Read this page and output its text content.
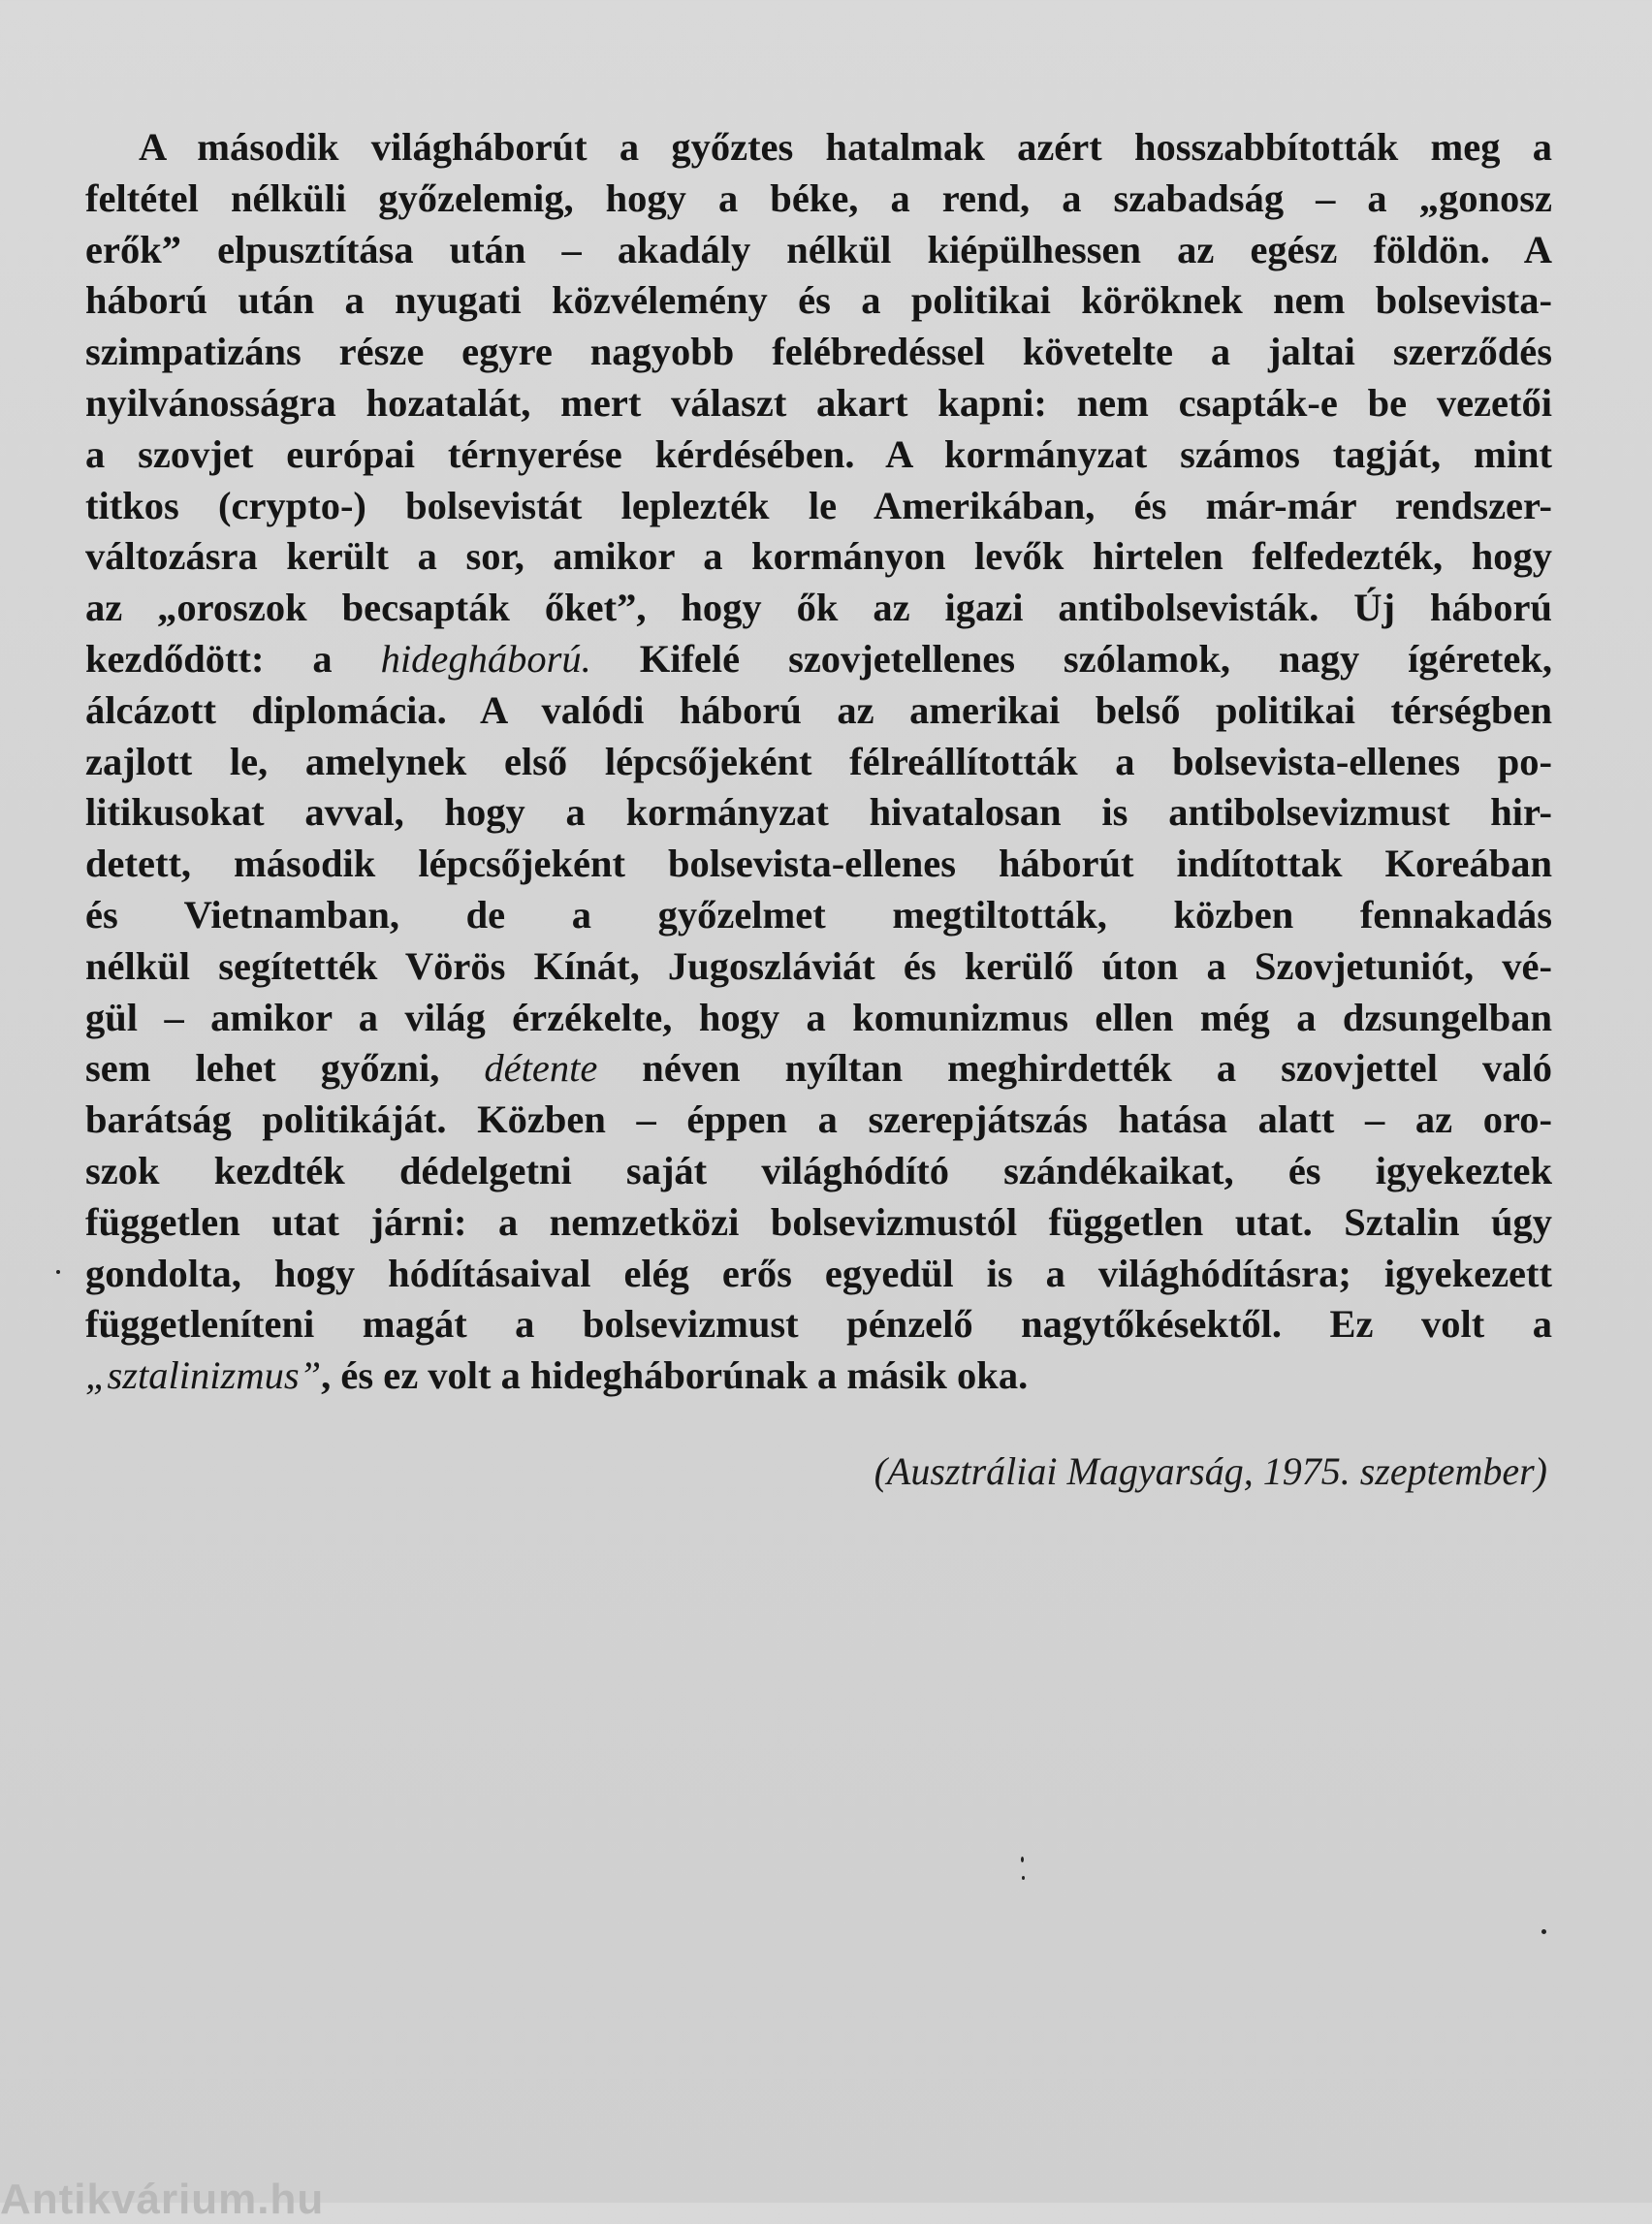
A második világháborút a győztes hatalmak azért hosszabbították meg a
feltétel nélküli győzelemig, hogy a béke, a rend, a szabadság – a „gonosz
erők” elpusztítása után – akadály nélkül kiépülhessen az egész földön. A
háború után a nyugati közvélemény és a politikai köröknek nem bolsevista-
szimpatizáns része egyre nagyobb felébredéssel követelte a jaltai szerződés
nyilvánosságra hozatalát, mert választ akart kapni: nem csapták-e be vezetői
a szovjet európai térnyerése kérdésében. A kormányzat számos tagját, mint
titkos (crypto-) bolsevistát leplezték le Amerikában, és már-már rendszer-
változásra került a sor, amikor a kormányon levők hirtelen felfedezték, hogy
az „oroszok becsapták őket”, hogy ők az igazi antibolsevisták. Új háború
kezdődött: a hidegháború. Kifelé szovjetellenes szólamok, nagy ígéretek,
álcázott diplomácia. A valódi háború az amerikai belső politikai térségben
zajlott le, amelynek első lépcsőjeként félreállították a bolsevista-ellenes po-
litikusokat avval, hogy a kormányzat hivatalosan is antibolsevizmust hir-
detett, második lépcsőjeként bolsevista-ellenes háborút indítottak Koreában
és Vietnamban, de a győzelmet megtiltották, közben fennakadás
nélkül segítették Vörös Kínát, Jugoszláviát és kerülő úton a Szovjetuniót, vé-
gül – amikor a világ érzékelte, hogy a komunizmus ellen még a dzsungelban
sem lehet győzni, détente néven nyíltan meghirdették a szovjettel való
barátság politikáját. Közben – éppen a szerepjátszás hatása alatt – az oro-
szok kezdték dédelgetni saját világhódító szándékaikat, és igyekeztek
független utat járni: a nemzetközi bolsevizmustól független utat. Sztalin úgy
gondolta, hogy hódításaival elég erős egyedül is a világhódításra; igyekezett
függetleníteni magát a bolsevizmust pénzelő nagytőkésektől. Ez volt a
„sztalinizmus”, és ez volt a hidegháborúnak a másik oka.
(Ausztráliai Magyarság, 1975. szeptember)
Antikvárium.hu
